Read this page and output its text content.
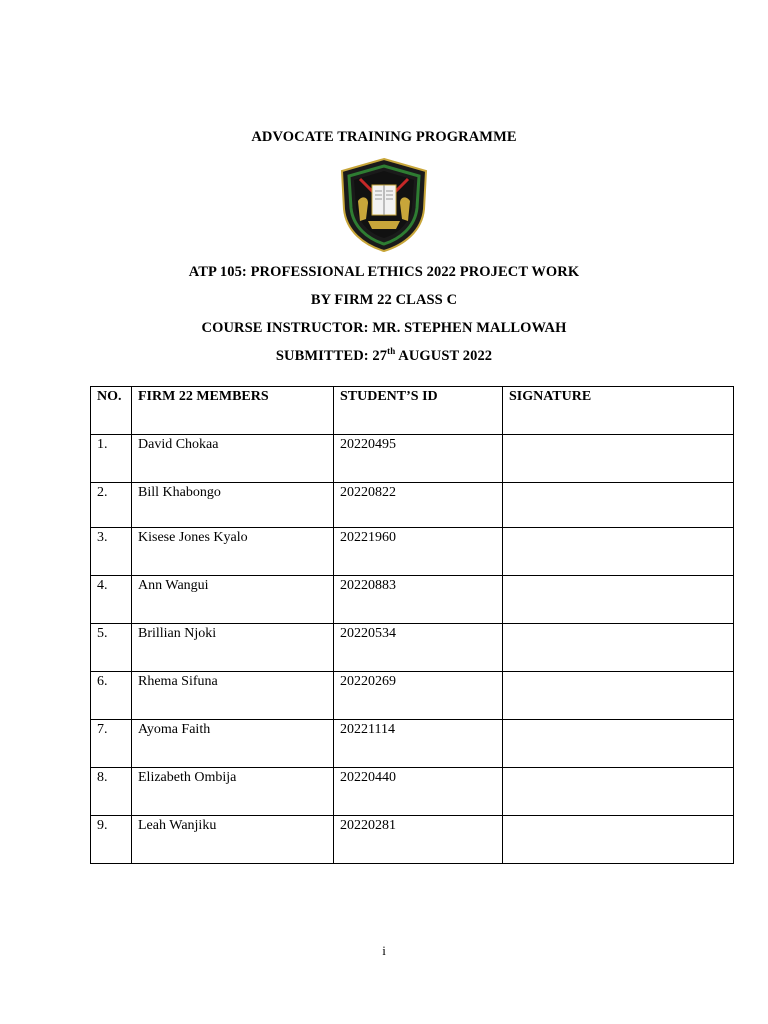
ADVOCATE TRAINING PROGRAMME
ATP 105: PROFESSIONAL ETHICS 2022 PROJECT WORK
BY FIRM 22 CLASS C
COURSE INSTRUCTOR: MR. STEPHEN MALLOWAH
SUBMITTED: 27th AUGUST 2022
NO.	FIRM 22 MEMBERS	STUDENT’S ID	SIGNATURE

1.	David Chokaa	20220495	

2.	Bill Khabongo	20220822	

3.	Kisese Jones Kyalo	20221960	

4.	Ann Wangui	20220883	

5.	Brillian Njoki	20220534	

6.	Rhema Sifuna	20220269	

7.	Ayoma Faith	20221114	

8.	Elizabeth Ombija	20220440	

9.	Leah Wanjiku	20220281	

i
